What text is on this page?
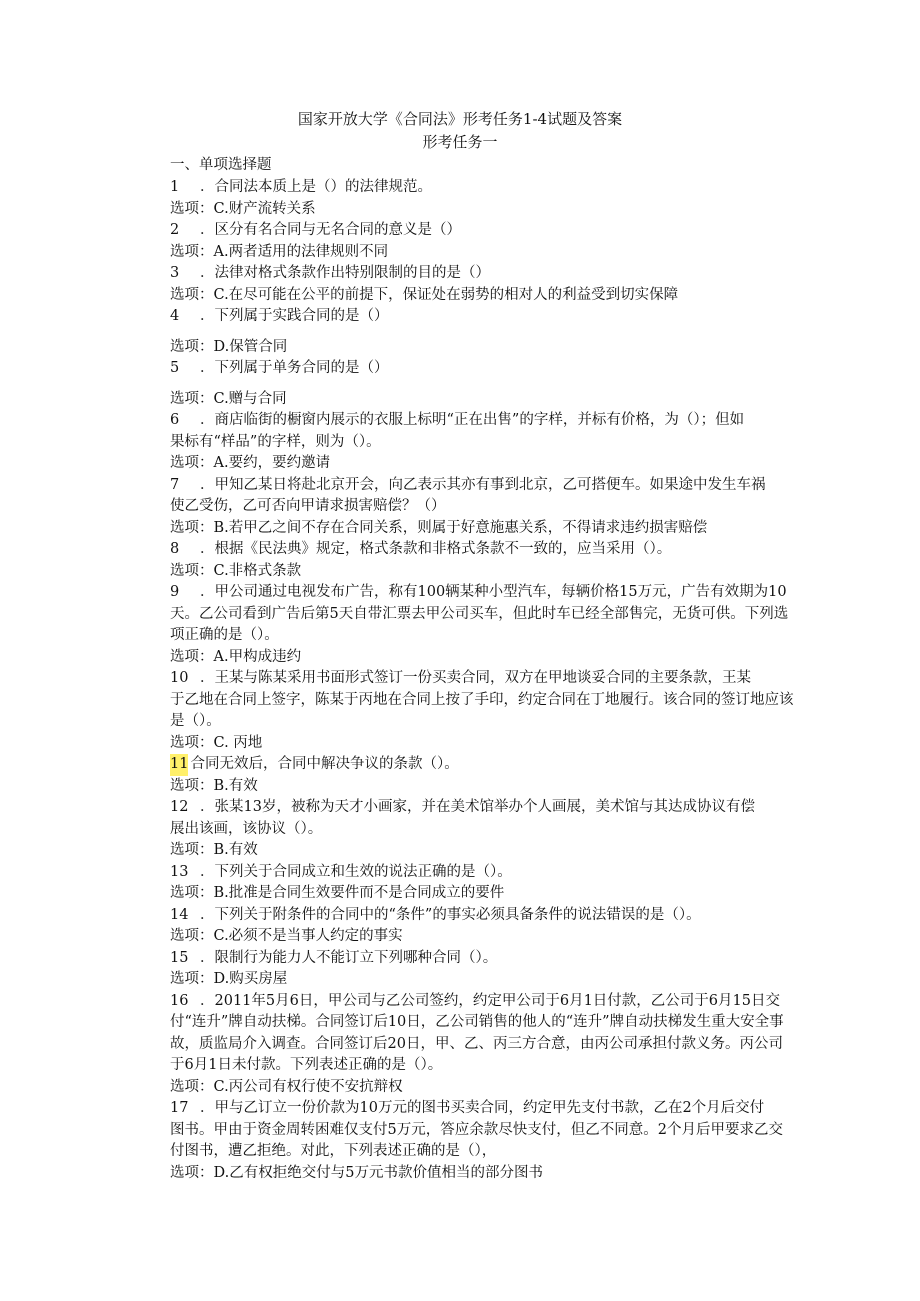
国家开放大学《合同法》形考任务1-4试题及答案
形考任务一
一、单项选择题

1 ．合同法本质上是（）的法律规范。

选项：C.财产流转关系

2 ．区分有名合同与无名合同的意义是（）

选项：A.两者适用的法律规则不同

3 ．法律对格式条款作出特别限制的目的是（）

选项：C.在尽可能在公平的前提下，保证处在弱势的相对人的利益受到切实保障

4 ．下列属于实践合同的是（）

选项：D.保管合同

5 ．下列属于单务合同的是（）

选项：C.赠与合同

6 ．商店临街的橱窗内展示的衣服上标明“正在出售”的字样，并标有价格，为（）；但如

果标有“样品”的字样，则为（）。

选项：A.要约，要约邀请

7 ．甲知乙某日将赴北京开会，向乙表示其亦有事到北京，乙可搭便车。如果途中发生车祸

使乙受伤，乙可否向甲请求损害赔偿？（）

选项：B.若甲乙之间不存在合同关系，则属于好意施惠关系，不得请求违约损害赔偿

8 ．根据《民法典》规定，格式条款和非格式条款不一致的，应当采用（）。

选项：C.非格式条款

9 ．甲公司通过电视发布广告，称有100辆某种小型汽车，每辆价格15万元，广告有效期为10

天。乙公司看到广告后第5天自带汇票去甲公司买车，但此时车已经全部售完，无货可供。下列选项正确的是（）。

选项：A.甲构成违约

10 ．王某与陈某采用书面形式签订一份买卖合同，双方在甲地谈妥合同的主要条款，王某

于乙地在合同上签字，陈某于丙地在合同上按了手印，约定合同在丁地履行。该合同的签订地应该是（）。

选项：C. 丙地

11 合同无效后，合同中解决争议的条款（）。

选项：B.有效

12 ．张某13岁，被称为天才小画家，并在美术馆举办个人画展，美术馆与其达成协议有偿

展出该画，该协议（）。

选项：B.有效

13 ．下列关于合同成立和生效的说法正确的是（）。

选项：B.批准是合同生效要件而不是合同成立的要件

14 ．下列关于附条件的合同中的“条件”的事实必须具备条件的说法错误的是（）。

选项：C.必须不是当事人约定的事实

15 ．限制行为能力人不能订立下列哪种合同（）。

选项：D.购买房屋

16 ．2011年5月6日，甲公司与乙公司签约，约定甲公司于6月1日付款，乙公司于6月15日交

付“连升”牌自动扶梯。合同签订后10日，乙公司销售的他人的“连升”牌自动扶梯发生重大安全事故，质监局介入调查。合同签订后20日，甲、乙、丙三方合意，由丙公司承担付款义务。丙公司于6月1日未付款。下列表述正确的是（）。

选项：C.丙公司有权行使不安抗辩权

17 ．甲与乙订立一份价款为10万元的图书买卖合同，约定甲先支付书款，乙在2个月后交付

图书。甲由于资金周转困难仅支付5万元，答应余款尽快支付，但乙不同意。2个月后甲要求乙交付图书，遭乙拒绝。对此，下列表述正确的是（），

选项：D.乙有权拒绝交付与5万元书款价值相当的部分图书
